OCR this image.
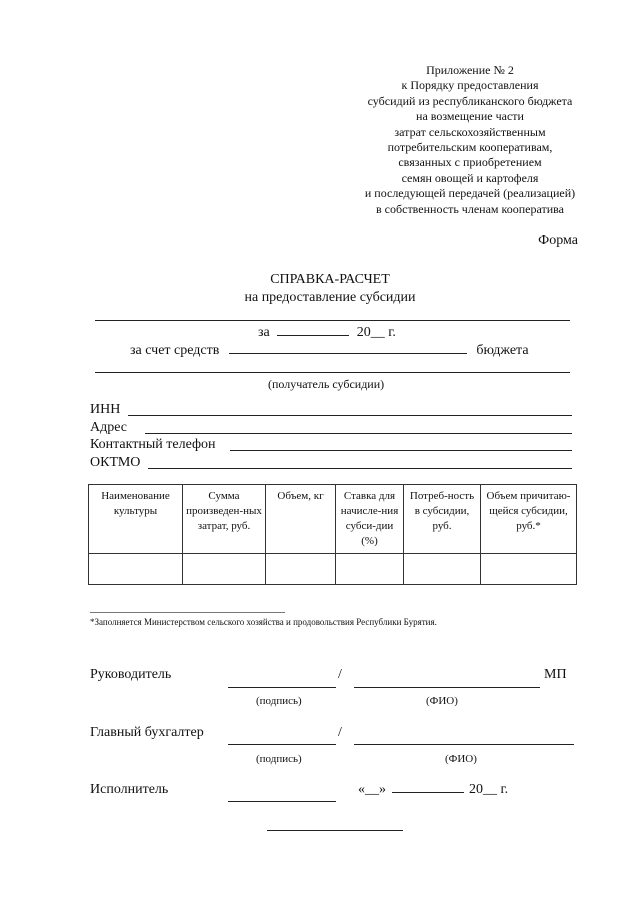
Приложение № 2
к Порядку предоставления
субсидий из республиканского бюджета
на возмещение части
затрат сельскохозяйственным
потребительским кооперативам,
связанных с приобретением
семян овощей и картофеля
и последующей передачей (реализацией)
в собственность членам кооператива
Форма
СПРАВКА-РАСЧЕТ
на предоставление субсидии
за	20__ г.
за счет средств	бюджета
(получатель субсидии)
ИНН
Адрес
Контактный телефон
ОКТМО
Наименование культуры	Сумма произведен-ных затрат, руб.	Объем, кг	Ставка для начисле-ния субси-дии (%)	Потреб-ность в субсидии, руб.	Объем причитаю-щейся субсидии, руб.*

*Заполняется Министерством сельского хозяйства и продовольствия Республики Бурятия.
Руководитель	/	МП
(подпись)	(ФИО)
Главный бухгалтер	/
(подпись)	(ФИО)
Исполнитель	«__»	20__ г.
